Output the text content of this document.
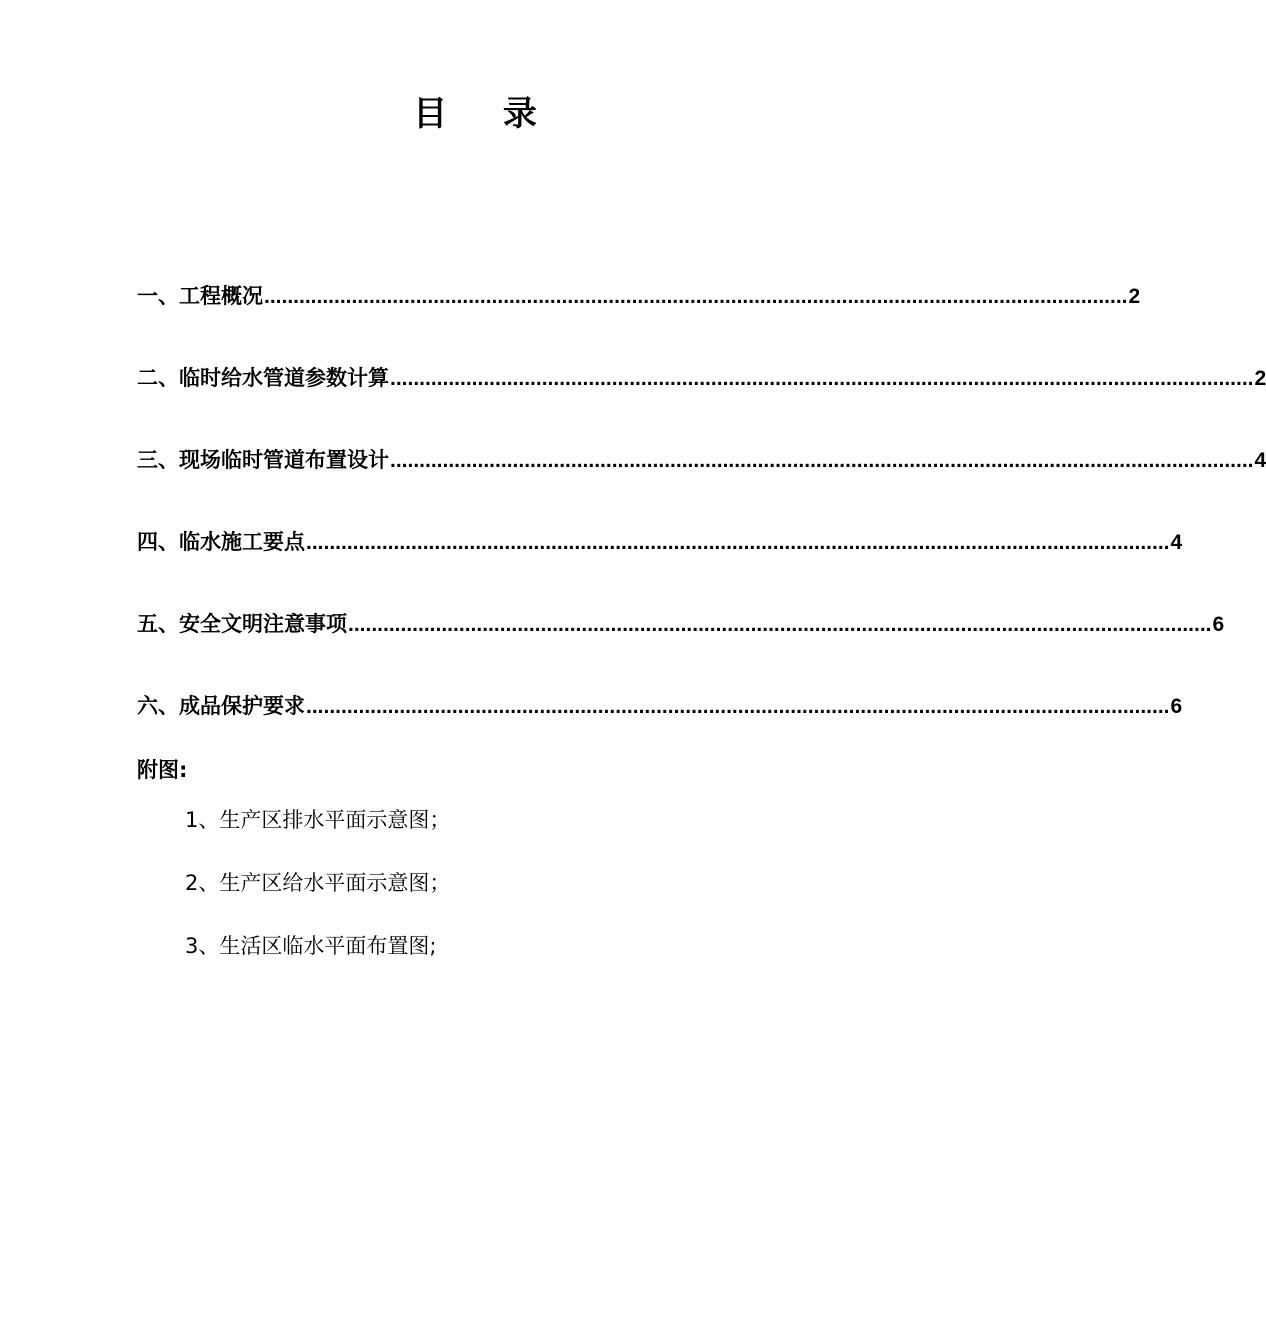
目 录
一、工程概况 .................................................................................................................................................... 2
二、临时给水管道参数计算 .................................................................................................................................................... 2
三、现场临时管道布置设计 .................................................................................................................................................... 4
四、临水施工要点 .................................................................................................................................................... 4
五、安全文明注意事项 .................................................................................................................................................... 6
六、成品保护要求 .................................................................................................................................................... 6
附图:
1、生产区排水平面示意图；
2、生产区给水平面示意图；
3、生活区临水平面布置图;
